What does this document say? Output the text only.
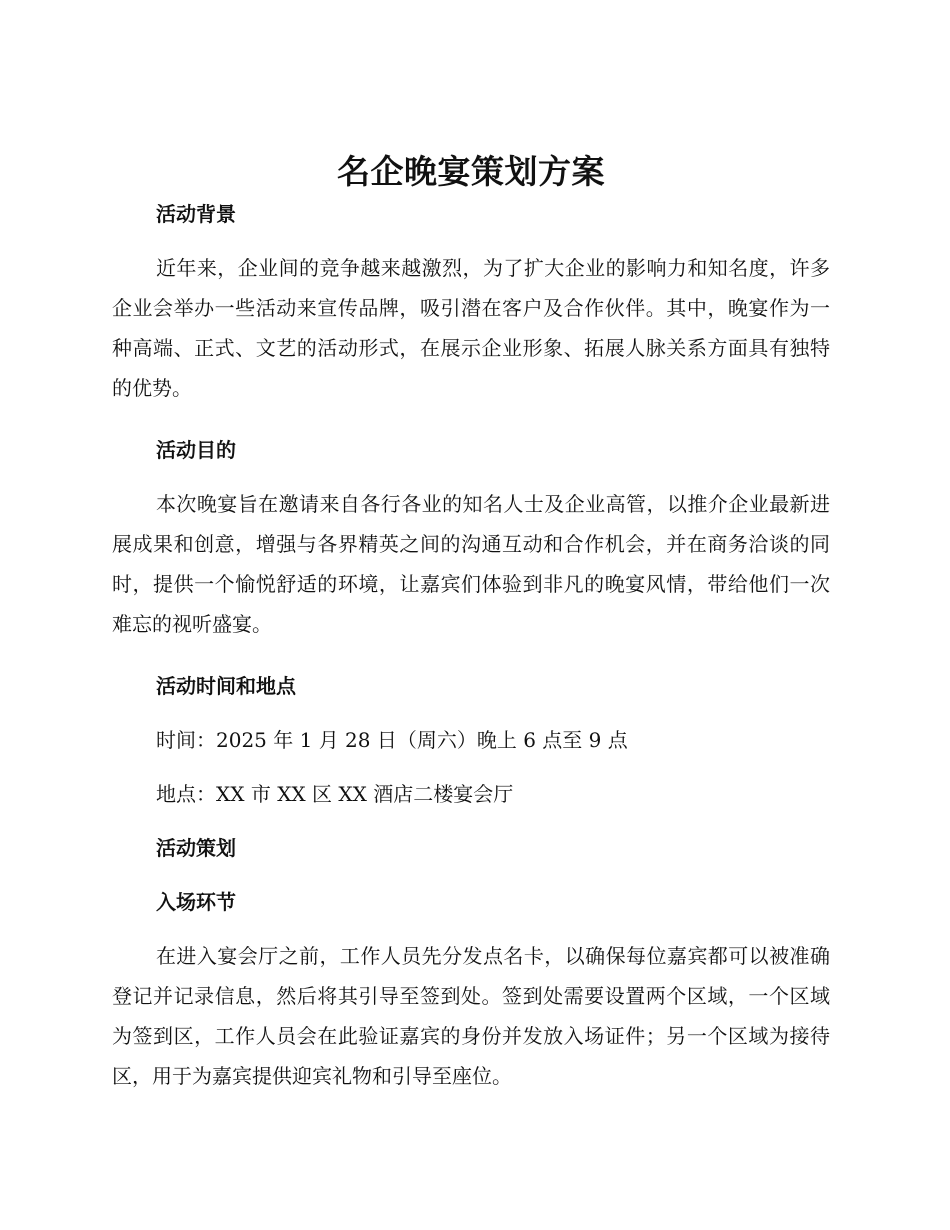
名企晚宴策划方案
活动背景

近年来，企业间的竞争越来越激烈，为了扩大企业的影响力和知名度，许多企业会举办一些活动来宣传品牌，吸引潜在客户及合作伙伴。其中，晚宴作为一种高端、正式、文艺的活动形式，在展示企业形象、拓展人脉关系方面具有独特的优势。

活动目的

本次晚宴旨在邀请来自各行各业的知名人士及企业高管，以推介企业最新进展成果和创意，增强与各界精英之间的沟通互动和合作机会，并在商务洽谈的同时，提供一个愉悦舒适的环境，让嘉宾们体验到非凡的晚宴风情，带给他们一次难忘的视听盛宴。

活动时间和地点

时间：2025 年 1 月 28 日（周六）晚上 6 点至 9 点

地点：XX 市 XX 区 XX 酒店二楼宴会厅

活动策划
入场环节

在进入宴会厅之前，工作人员先分发点名卡，以确保每位嘉宾都可以被准确登记并记录信息，然后将其引导至签到处。签到处需要设置两个区域，一个区域为签到区，工作人员会在此验证嘉宾的身份并发放入场证件；另一个区域为接待区，用于为嘉宾提供迎宾礼物和引导至座位。
